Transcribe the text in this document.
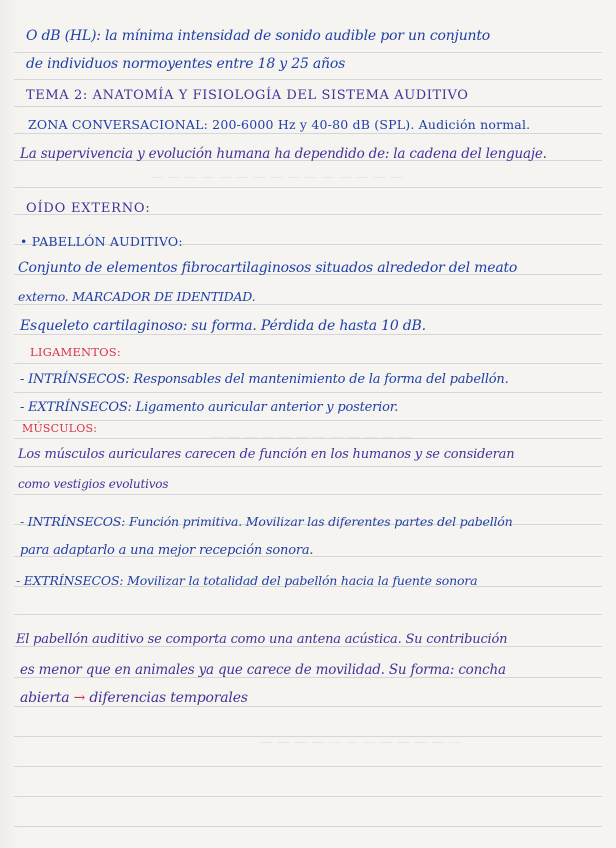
— — — — — — — — — — — — — — —
— — — — — — — — — — — —
— — — — — — — — — — — —
O dB (HL): la mínima intensidad de sonido audible por un conjunto
de individuos normoyentes entre 18 y 25 años
TEMA 2: ANATOMÍA Y FISIOLOGÍA DEL SISTEMA AUDITIVO
ZONA CONVERSACIONAL: 200-6000 Hz y 40-80 dB (SPL). Audición normal.
La supervivencia y evolución humana ha dependido de: la cadena del lenguaje.
OÍDO EXTERNO:
• PABELLÓN AUDITIVO:
Conjunto de elementos fibrocartilaginosos situados alrededor del meato
externo. MARCADOR DE IDENTIDAD.
Esqueleto cartilaginoso: su forma. Pérdida de hasta 10 dB.
LIGAMENTOS:
- INTRÍNSECOS: Responsables del mantenimiento de la forma del pabellón.
- EXTRÍNSECOS: Ligamento auricular anterior y posterior.
MÚSCULOS:
Los músculos auriculares carecen de función en los humanos y se consideran
como vestigios evolutivos
- INTRÍNSECOS: Función primitiva. Movilizar las diferentes partes del pabellón
para adaptarlo a una mejor recepción sonora.
- EXTRÍNSECOS: Movilizar la totalidad del pabellón hacia la fuente sonora
El pabellón auditivo se comporta como una antena acústica. Su contribución
es menor que en animales ya que carece de movilidad. Su forma: concha
abierta → diferencias temporales
